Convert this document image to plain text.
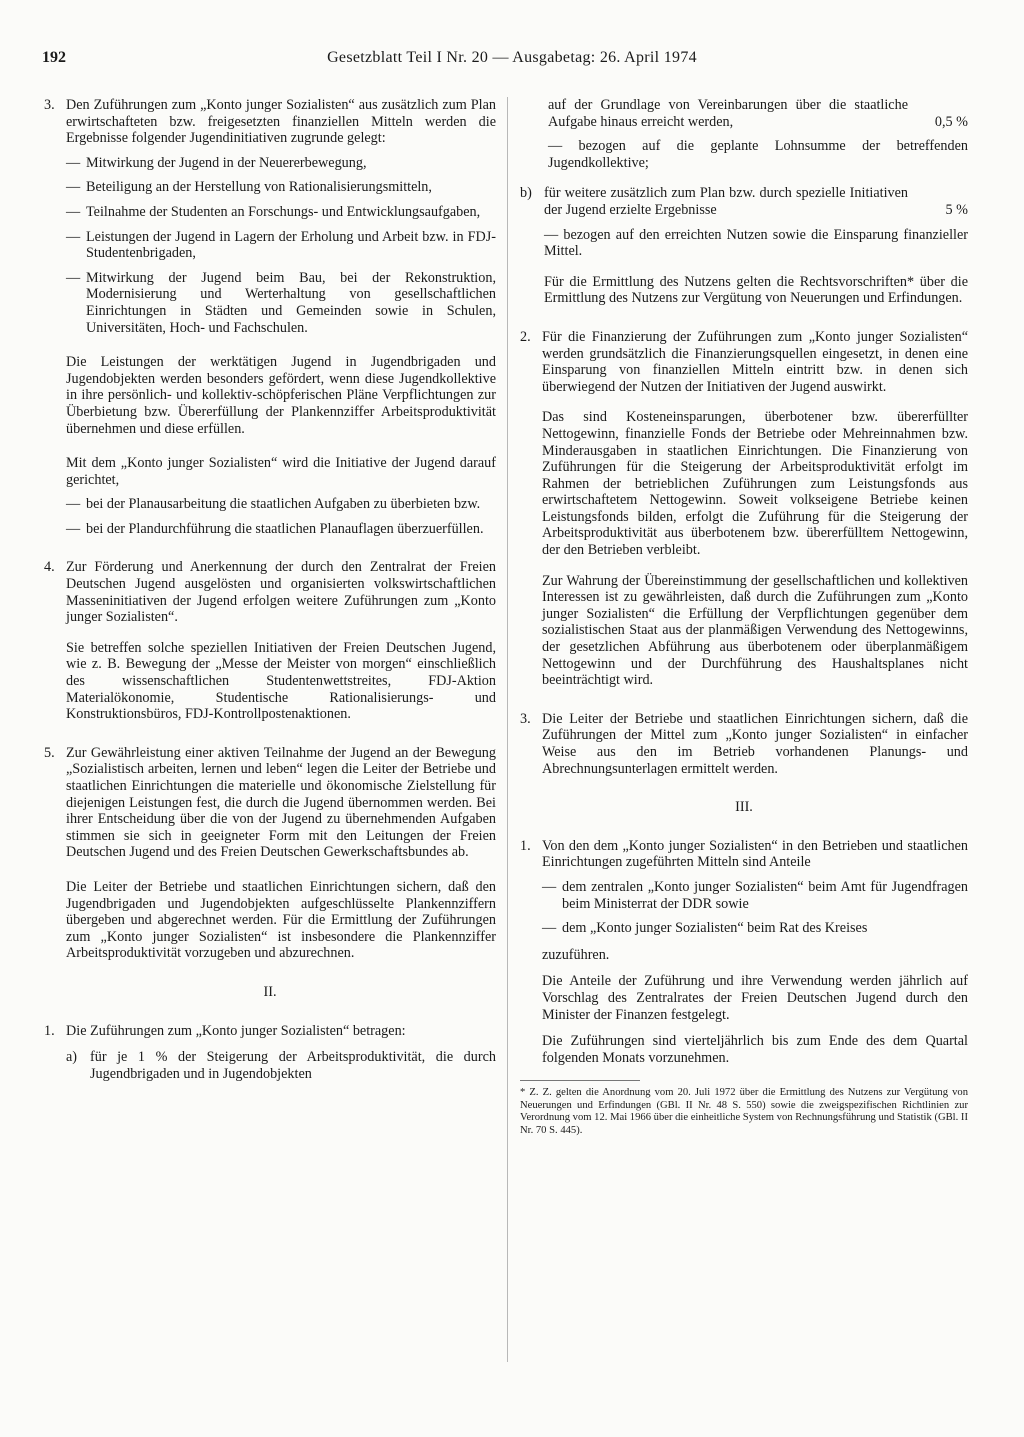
192	Gesetzblatt Teil I Nr. 20 — Ausgabetag: 26. April 1974
3. Den Zuführungen zum „Konto junger Sozialisten“ aus zusätzlich zum Plan erwirtschafteten bzw. freigesetzten finanziellen Mitteln werden die Ergebnisse folgender Jugendinitiativen zugrunde gelegt:

— Mitwirkung der Jugend in der Neuererbewegung,
— Beteiligung an der Herstellung von Rationalisierungsmitteln,
— Teilnahme der Studenten an Forschungs- und Entwicklungsaufgaben,
— Leistungen der Jugend in Lagern der Erholung und Arbeit bzw. in FDJ-Studentenbrigaden,
— Mitwirkung der Jugend beim Bau, bei der Rekonstruktion, Modernisierung und Werterhaltung von gesellschaftlichen Einrichtungen in Städten und Gemeinden sowie in Schulen, Universitäten, Hoch- und Fachschulen.

Die Leistungen der werktätigen Jugend in Jugendbrigaden und Jugendobjekten werden besonders gefördert, wenn diese Jugendkollektive in ihre persönlich- und kollektiv-schöpferischen Pläne Verpflichtungen zur Überbietung bzw. Übererfüllung der Plankennziffer Arbeitsproduktivität übernehmen und diese erfüllen.

Mit dem „Konto junger Sozialisten“ wird die Initiative der Jugend darauf gerichtet,

— bei der Planausarbeitung die staatlichen Aufgaben zu überbieten bzw.
— bei der Plandurchführung die staatlichen Planauflagen überzuerfüllen.
4. Zur Förderung und Anerkennung der durch den Zentralrat der Freien Deutschen Jugend ausgelösten und organisierten volkswirtschaftlichen Masseninitiativen der Jugend erfolgen weitere Zuführungen zum „Konto junger Sozialisten“.

Sie betreffen solche speziellen Initiativen der Freien Deutschen Jugend, wie z. B. Bewegung der „Messe der Meister von morgen“ einschließlich des wissenschaftlichen Studentenwettstreites, FDJ-Aktion Materialökonomie, Studentische Rationalisierungs- und Konstruktionsbüros, FDJ-Kontrollpostenaktionen.

5. Zur Gewährleistung einer aktiven Teilnahme der Jugend an der Bewegung „Sozialistisch arbeiten, lernen und leben“ legen die Leiter der Betriebe und staatlichen Einrichtungen die materielle und ökonomische Zielstellung für diejenigen Leistungen fest, die durch die Jugend übernommen werden. Bei ihrer Entscheidung über die von der Jugend zu übernehmenden Aufgaben stimmen sie sich in geeigneter Form mit den Leitungen der Freien Deutschen Jugend und des Freien Deutschen Gewerkschaftsbundes ab.

Die Leiter der Betriebe und staatlichen Einrichtungen sichern, daß den Jugendbrigaden und Jugendobjekten aufgeschlüsselte Plankennziffern übergeben und abgerechnet werden. Für die Ermittlung der Zuführungen zum „Konto junger Sozialisten“ ist insbesondere die Plankennziffer Arbeitsproduktivität vorzugeben und abzurechnen.

II.

1. Die Zuführungen zum „Konto junger Sozialisten“ betragen:

a) für je 1 % der Steigerung der Arbeitsproduktivität, die durch Jugendbrigaden und in Jugendobjekten
auf der Grundlage von Vereinbarungen über die staatliche Aufgabe hinaus erreicht werden,	0,5 %

— bezogen auf die geplante Lohnsumme der betreffenden Jugendkollektive;

b) für weitere zusätzlich zum Plan bzw. durch spezielle Initiativen der Jugend erzielte Ergebnisse	5 %

— bezogen auf den erreichten Nutzen sowie die Einsparung finanzieller Mittel.

Für die Ermittlung des Nutzens gelten die Rechtsvorschriften* über die Ermittlung des Nutzens zur Vergütung von Neuerungen und Erfindungen.

2. Für die Finanzierung der Zuführungen zum „Konto junger Sozialisten“ werden grundsätzlich die Finanzierungsquellen eingesetzt, in denen eine Einsparung von finanziellen Mitteln eintritt bzw. in denen sich überwiegend der Nutzen der Initiativen der Jugend auswirkt.

Das sind Kosteneinsparungen, überbotener bzw. übererfüllter Nettogewinn, finanzielle Fonds der Betriebe oder Mehreinnahmen bzw. Minderausgaben in staatlichen Einrichtungen. Die Finanzierung von Zuführungen für die Steigerung der Arbeitsproduktivität erfolgt im Rahmen der betrieblichen Zuführungen zum Leistungsfonds aus erwirtschaftetem Nettogewinn. Soweit volkseigene Betriebe keinen Leistungsfonds bilden, erfolgt die Zuführung für die Steigerung der Arbeitsproduktivität aus überbotenem bzw. übererfülltem Nettogewinn, der den Betrieben verbleibt.

Zur Wahrung der Übereinstimmung der gesellschaftlichen und kollektiven Interessen ist zu gewährleisten, daß durch die Zuführungen zum „Konto junger Sozialisten“ die Erfüllung der Verpflichtungen gegenüber dem sozialistischen Staat aus der planmäßigen Verwendung des Nettogewinns, der gesetzlichen Abführung aus überbotenem oder überplanmäßigem Nettogewinn und der Durchführung des Haushaltsplanes nicht beeinträchtigt wird.

3. Die Leiter der Betriebe und staatlichen Einrichtungen sichern, daß die Zuführungen der Mittel zum „Konto junger Sozialisten“ in einfacher Weise aus den im Betrieb vorhandenen Planungs- und Abrechnungsunterlagen ermittelt werden.

III.

1. Von den dem „Konto junger Sozialisten“ in den Betrieben und staatlichen Einrichtungen zugeführten Mitteln sind Anteile

— dem zentralen „Konto junger Sozialisten“ beim Amt für Jugendfragen beim Ministerrat der DDR sowie
— dem „Konto junger Sozialisten“ beim Rat des Kreises

zuzuführen.

Die Anteile der Zuführung und ihre Verwendung werden jährlich auf Vorschlag des Zentralrates der Freien Deutschen Jugend durch den Minister der Finanzen festgelegt.

Die Zuführungen sind vierteljährlich bis zum Ende des dem Quartal folgenden Monats vorzunehmen.

* Z. Z. gelten die Anordnung vom 20. Juli 1972 über die Ermittlung des Nutzens zur Vergütung von Neuerungen und Erfindungen (GBl. II Nr. 48 S. 550) sowie die zweigspezifischen Richtlinien zur Verordnung vom 12. Mai 1966 über die einheitliche System von Rechnungsführung und Statistik (GBl. II Nr. 70 S. 445).
